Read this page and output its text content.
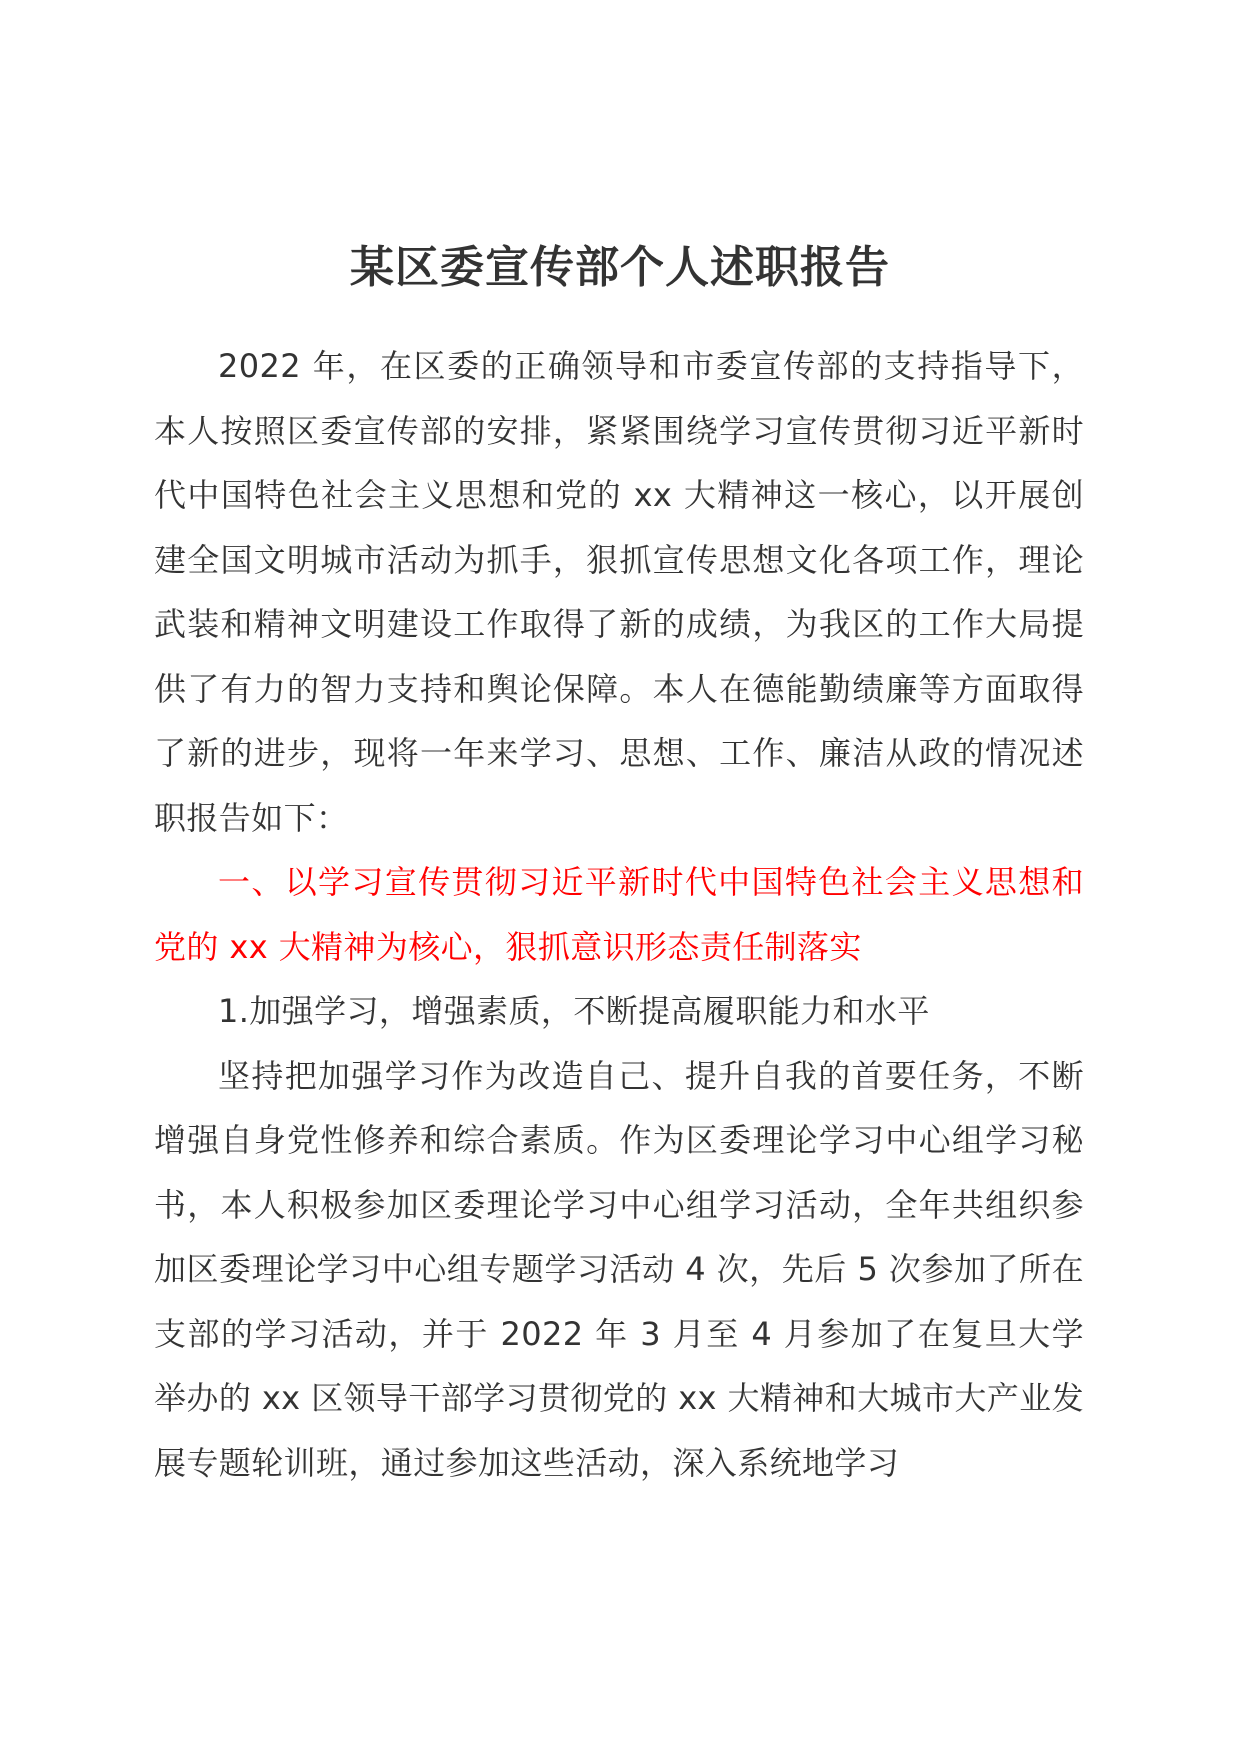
某区委宣传部个人述职报告

2022 年，在区委的正确领导和市委宣传部的支持指导下，本人按照区委宣传部的安排，紧紧围绕学习宣传贯彻习近平新时代中国特色社会主义思想和党的 xx 大精神这一核心，以开展创建全国文明城市活动为抓手，狠抓宣传思想文化各项工作，理论武装和精神文明建设工作取得了新的成绩，为我区的工作大局提供了有力的智力支持和舆论保障。本人在德能勤绩廉等方面取得了新的进步，现将一年来学习、思想、工作、廉洁从政的情况述职报告如下：

一、以学习宣传贯彻习近平新时代中国特色社会主义思想和党的 xx 大精神为核心，狠抓意识形态责任制落实

1.加强学习，增强素质，不断提高履职能力和水平

坚持把加强学习作为改造自己、提升自我的首要任务，不断增强自身党性修养和综合素质。作为区委理论学习中心组学习秘书，本人积极参加区委理论学习中心组学习活动，全年共组织参加区委理论学习中心组专题学习活动 4 次，先后 5 次参加了所在支部的学习活动，并于 2022 年 3 月至 4 月参加了在复旦大学举办的 xx 区领导干部学习贯彻党的 xx 大精神和大城市大产业发展专题轮训班，通过参加这些活动，深入系统地学习
